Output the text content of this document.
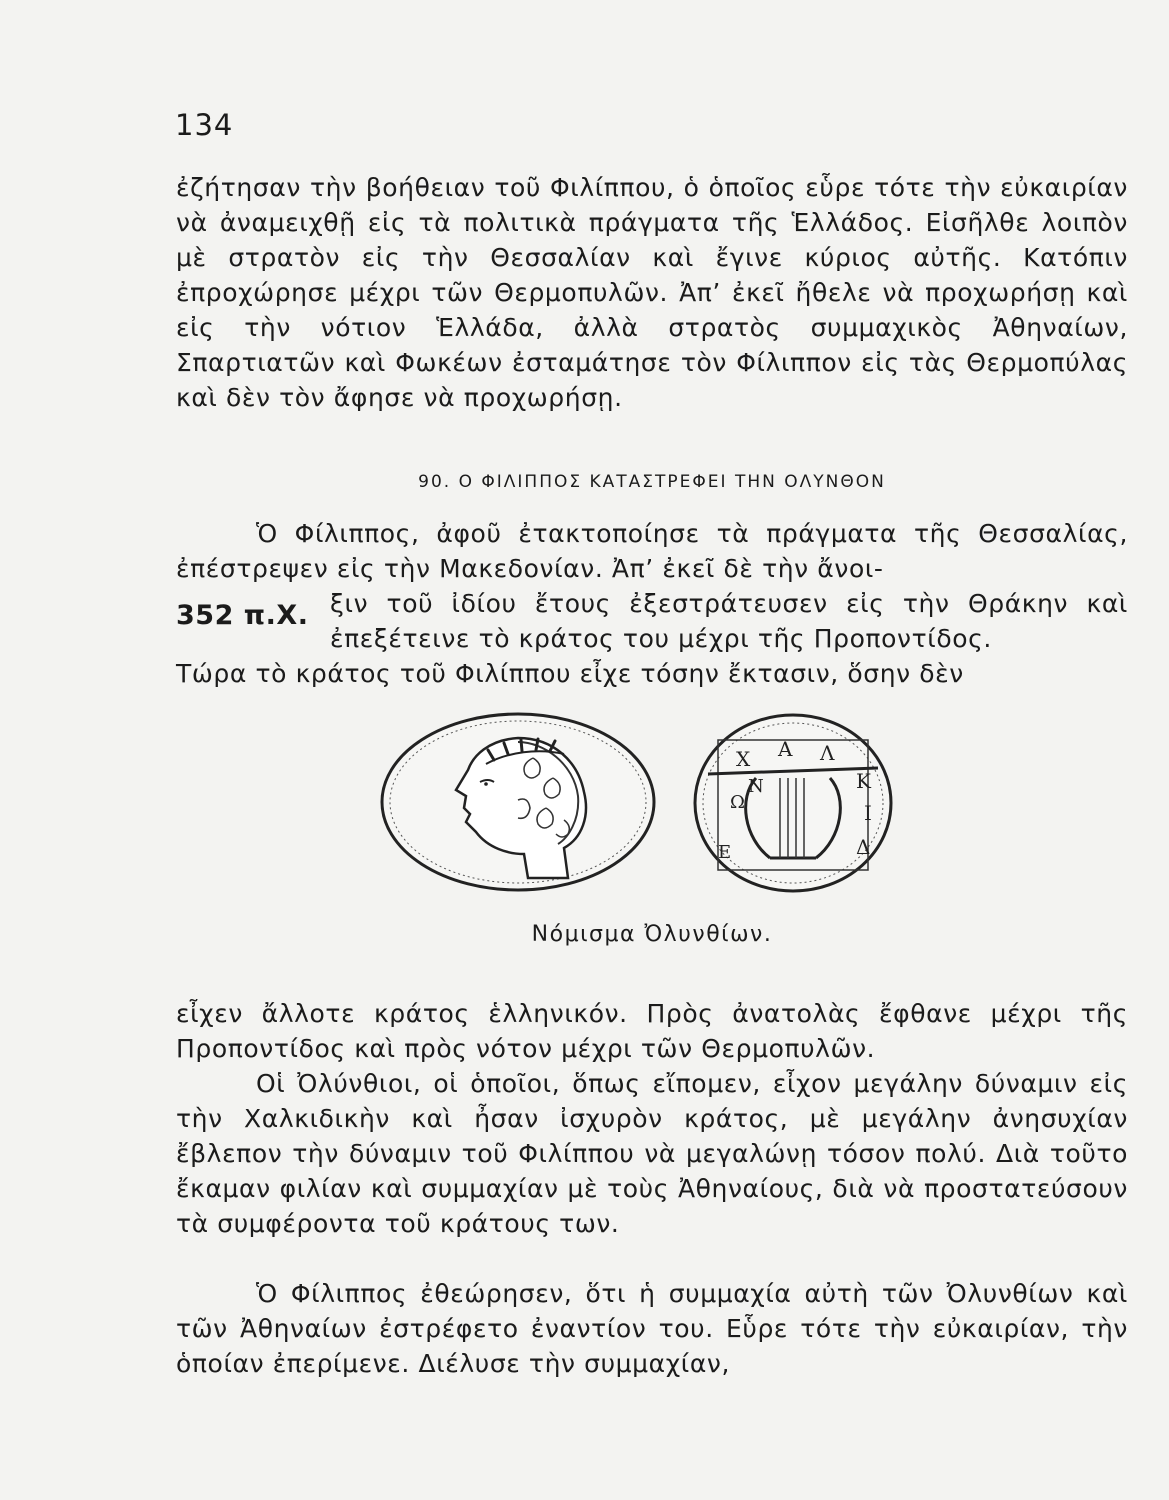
134

ἐζήτησαν τὴν βοήθειαν τοῦ Φιλίππου, ὁ ὁποῖος εὗρε τότε τὴν εὐκαιρίαν νὰ ἀναμειχθῇ εἰς τὰ πολιτικὰ πράγματα τῆς Ἑλλάδος. Εἰσῆλθε λοιπὸν μὲ στρατὸν εἰς τὴν Θεσσαλίαν καὶ ἔγινε κύριος αὐτῆς. Κατόπιν ἐπροχώρησε μέχρι τῶν Θερμοπυλῶν. Ἀπ’ ἐκεῖ ἤθελε νὰ προχωρήσῃ καὶ εἰς τὴν νότιον Ἑλλάδα, ἀλλὰ στρατὸς συμμαχικὸς Ἀθηναίων, Σπαρτιατῶν καὶ Φωκέων ἐσταμάτησε τὸν Φίλιππον εἰς τὰς Θερμοπύλας καὶ δὲν τὸν ἄφησε νὰ προχωρήσῃ.

90. Ο ΦΙΛΙΠΠΟΣ ΚΑΤΑΣΤΡΕΦΕΙ ΤΗΝ ΟΛΥΝΘΟΝ

Ὁ Φίλιππος, ἀφοῦ ἐτακτοποίησε τὰ πράγματα τῆς Θεσσαλίας, ἐπέστρεψεν εἰς τὴν Μακεδονίαν. Ἀπ’ ἐκεῖ δὲ τὴν ἄνοι-

352 π.Χ. ξιν τοῦ ἰδίου ἔτους ἐξεστράτευσεν εἰς τὴν Θράκην καὶ ἐπεξέτεινε τὸ κράτος του μέχρι τῆς Προποντίδος.

Τώρα τὸ κράτος τοῦ Φιλίππου εἶχε τόσην ἔκτασιν, ὅσην δὲν

Χ Α Λ
Κ
Ι
Δ
Ε
Ω
Ν
Νόμισμα Ὀλυνθίων.

εἶχεν ἄλλοτε κράτος ἑλληνικόν. Πρὸς ἀνατολὰς ἔφθανε μέχρι τῆς Προποντίδος καὶ πρὸς νότον μέχρι τῶν Θερμοπυλῶν.

Οἱ Ὀλύνθιοι, οἱ ὁποῖοι, ὅπως εἴπομεν, εἶχον μεγάλην δύναμιν εἰς τὴν Χαλκιδικὴν καὶ ἦσαν ἰσχυρὸν κράτος, μὲ μεγάλην ἀνησυχίαν ἔβλεπον τὴν δύναμιν τοῦ Φιλίππου νὰ μεγαλώνῃ τόσον πολύ. Διὰ τοῦτο ἔκαμαν φιλίαν καὶ συμμαχίαν μὲ τοὺς Ἀθηναίους, διὰ νὰ προστατεύσουν τὰ συμφέροντα τοῦ κράτους των.

Ὁ Φίλιππος ἐθεώρησεν, ὅτι ἡ συμμαχία αὐτὴ τῶν Ὀλυνθίων καὶ τῶν Ἀθηναίων ἐστρέφετο ἐναντίον του. Εὗρε τότε τὴν εὐκαιρίαν, τὴν ὁποίαν ἐπερίμενε. Διέλυσε τὴν συμμαχίαν,
